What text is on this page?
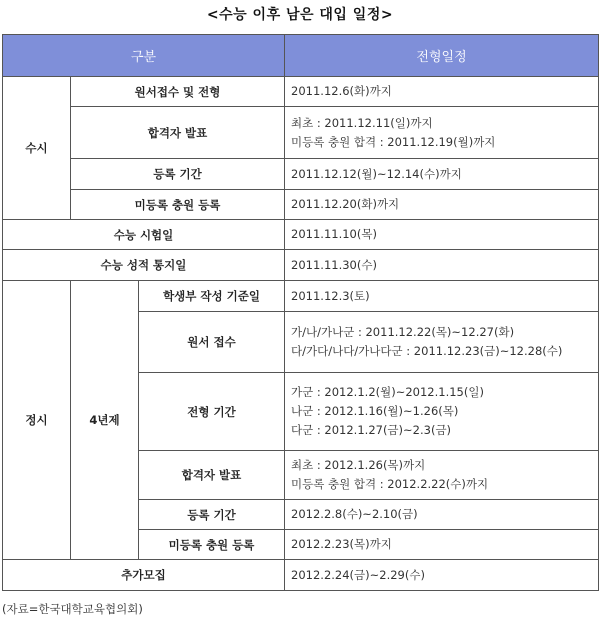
<수능 이후 남은 대입 일정>
구분			전형일정
수시	원서접수 및 전형		2011.12.6(화)까지

	합격자 발표		최초 : 2011.12.11(일)까지
미등록 충원 합격 : 2011.12.19(월)까지

	등록 기간		2011.12.12(월)~12.14(수)까지

	미등록 충원 등록		2011.12.20(화)까지

수능 시험일			2011.11.10(목)
수능 성적 통지일			2011.11.30(수)
정시	4년제	학생부 작성 기준일	2011.12.3(토)

		원서 접수	가/나/가나군 : 2011.12.22(목)~12.27(화)
다/가다/나다/가나다군 : 2011.12.23(금)~12.28(수)

		전형 기간	가군 : 2012.1.2(월)~2012.1.15(일)
나군 : 2012.1.16(월)~1.26(목)
다군 : 2012.1.27(금)~2.3(금)

		합격자 발표	최초 : 2012.1.26(목)까지
미등록 충원 합격 : 2012.2.22(수)까지

		등록 기간	2012.2.8(수)~2.10(금)

		미등록 충원 등록	2012.2.23(목)까지

추가모집			2012.2.24(금)~2.29(수)
(자료=한국대학교육협의회)
